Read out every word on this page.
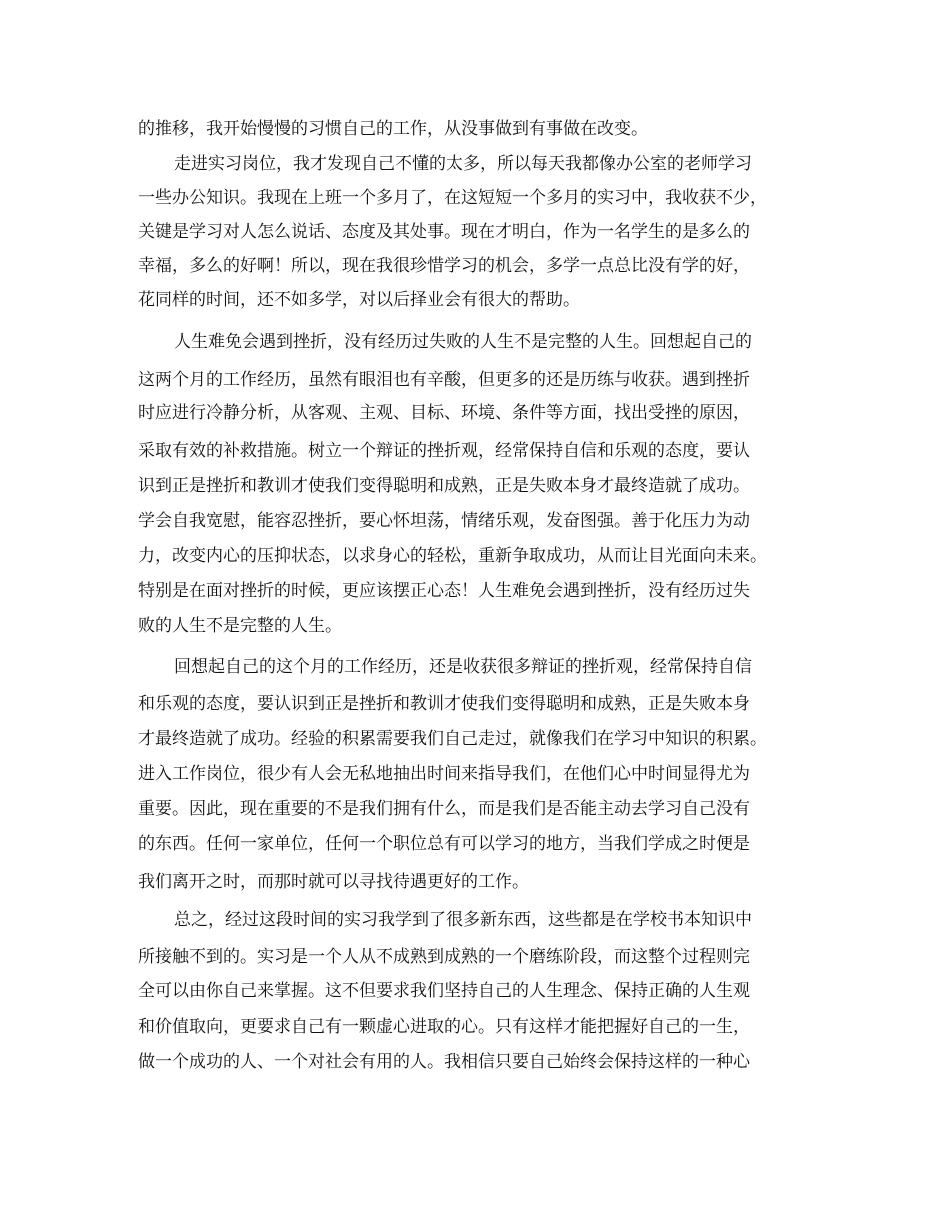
的推移，我开始慢慢的习惯自己的工作，从没事做到有事做在改变。
走进实习岗位，我才发现自己不懂的太多，所以每天我都像办公室的老师学习
一些办公知识。我现在上班一个多月了，在这短短一个多月的实习中，我收获不少，
关键是学习对人怎么说话、态度及其处事。现在才明白，作为一名学生的是多么的
幸福，多么的好啊！所以，现在我很珍惜学习的机会，多学一点总比没有学的好，
花同样的时间，还不如多学，对以后择业会有很大的帮助。
人生难免会遇到挫折，没有经历过失败的人生不是完整的人生。回想起自己的
这两个月的工作经历，虽然有眼泪也有辛酸，但更多的还是历练与收获。遇到挫折
时应进行冷静分析，从客观、主观、目标、环境、条件等方面，找出受挫的原因，
采取有效的补救措施。树立一个辩证的挫折观，经常保持自信和乐观的态度，要认
识到正是挫折和教训才使我们变得聪明和成熟，正是失败本身才最终造就了成功。
学会自我宽慰，能容忍挫折，要心怀坦荡，情绪乐观，发奋图强。善于化压力为动
力，改变内心的压抑状态，以求身心的轻松，重新争取成功，从而让目光面向未来。
特别是在面对挫折的时候，更应该摆正心态！人生难免会遇到挫折，没有经历过失
败的人生不是完整的人生。
回想起自己的这个月的工作经历，还是收获很多辩证的挫折观，经常保持自信
和乐观的态度，要认识到正是挫折和教训才使我们变得聪明和成熟，正是失败本身
才最终造就了成功。经验的积累需要我们自己走过，就像我们在学习中知识的积累。
进入工作岗位，很少有人会无私地抽出时间来指导我们，在他们心中时间显得尤为
重要。因此，现在重要的不是我们拥有什么，而是我们是否能主动去学习自己没有
的东西。任何一家单位，任何一个职位总有可以学习的地方，当我们学成之时便是
我们离开之时，而那时就可以寻找待遇更好的工作。
总之，经过这段时间的实习我学到了很多新东西，这些都是在学校书本知识中
所接触不到的。实习是一个人从不成熟到成熟的一个磨练阶段，而这整个过程则完
全可以由你自己来掌握。这不但要求我们坚持自己的人生理念、保持正确的人生观
和价值取向，更要求自己有一颗虚心进取的心。只有这样才能把握好自己的一生，
做一个成功的人、一个对社会有用的人。我相信只要自己始终会保持这样的一种心
